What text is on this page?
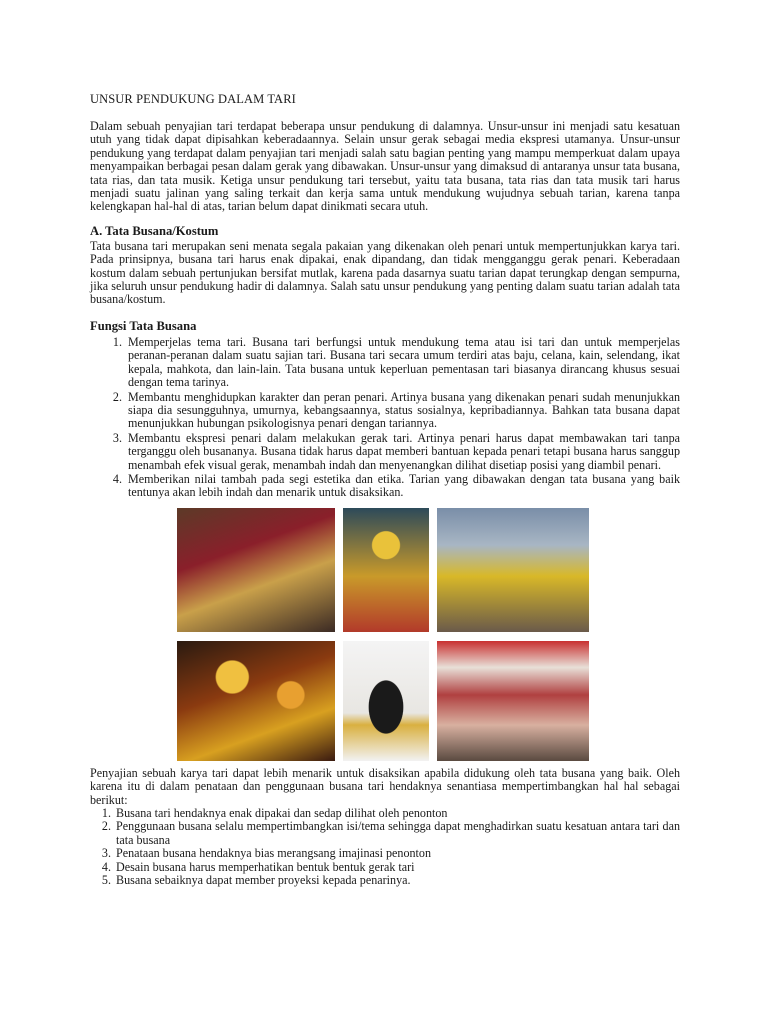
UNSUR PENDUKUNG DALAM TARI

Dalam sebuah penyajian tari terdapat beberapa unsur pendukung di dalamnya. Unsur-unsur ini menjadi satu kesatuan utuh yang tidak dapat dipisahkan keberadaannya. Selain unsur gerak sebagai media ekspresi utamanya. Unsur-unsur pendukung yang terdapat dalam penyajian tari menjadi salah satu bagian penting yang mampu memperkuat dalam upaya menyampaikan berbagai pesan dalam gerak yang dibawakan. Unsur-unsur yang dimaksud di antaranya unsur tata busana, tata rias, dan tata musik. Ketiga unsur pendukung tari tersebut, yaitu tata busana, tata rias dan tata musik tari harus menjadi suatu jalinan yang saling terkait dan kerja sama untuk mendukung wujudnya sebuah tarian, karena tanpa kelengkapan hal-hal di atas, tarian belum dapat dinikmati secara utuh.

A. Tata Busana/Kostum

Tata busana tari merupakan seni menata segala pakaian yang dikenakan oleh penari untuk mempertunjukkan karya tari. Pada prinsipnya, busana tari harus enak dipakai, enak dipandang, dan tidak mengganggu gerak penari. Keberadaan kostum dalam sebuah pertunjukan bersifat mutlak, karena pada dasarnya suatu tarian dapat terungkap dengan sempurna, jika seluruh unsur pendukung hadir di dalamnya. Salah satu unsur pendukung yang penting dalam suatu tarian adalah tata busana/kostum.

Fungsi Tata Busana
1. Memperjelas tema tari. Busana tari berfungsi untuk mendukung tema atau isi tari dan untuk memperjelas peranan-peranan dalam suatu sajian tari. Busana tari secara umum terdiri atas baju, celana, kain, selendang, ikat kepala, mahkota, dan lain-lain. Tata busana untuk keperluan pementasan tari biasanya dirancang khusus sesuai dengan tema tarinya.
2. Membantu menghidupkan karakter dan peran penari. Artinya busana yang dikenakan penari sudah menunjukkan siapa dia sesungguhnya, umurnya, kebangsaannya, status sosialnya, kepribadiannya. Bahkan tata busana dapat menunjukkan hubungan psikologisnya penari dengan tariannya.
3. Membantu ekspresi penari dalam melakukan gerak tari. Artinya penari harus dapat membawakan tari tanpa terganggu oleh busananya. Busana tidak harus dapat memberi bantuan kepada penari tetapi busana harus sanggup menambah efek visual gerak, menambah indah dan menyenangkan dilihat disetiap posisi yang diambil penari.
4. Memberikan nilai tambah pada segi estetika dan etika. Tarian yang dibawakan dengan tata busana yang baik tentunya akan lebih indah dan menarik untuk disaksikan.

Penyajian sebuah karya tari dapat lebih menarik untuk disaksikan apabila didukung oleh tata busana yang baik. Oleh karena itu di dalam penataan dan penggunaan busana tari hendaknya senantiasa mempertimbangkan hal hal sebagai berikut:

1. Busana tari hendaknya enak dipakai dan sedap dilihat oleh penonton
2. Penggunaan busana selalu mempertimbangkan isi/tema sehingga dapat menghadirkan suatu kesatuan antara tari dan tata busana
3. Penataan busana hendaknya bias merangsang imajinasi penonton
4. Desain busana harus memperhatikan bentuk bentuk gerak tari
5. Busana sebaiknya dapat member proyeksi kepada penarinya.
